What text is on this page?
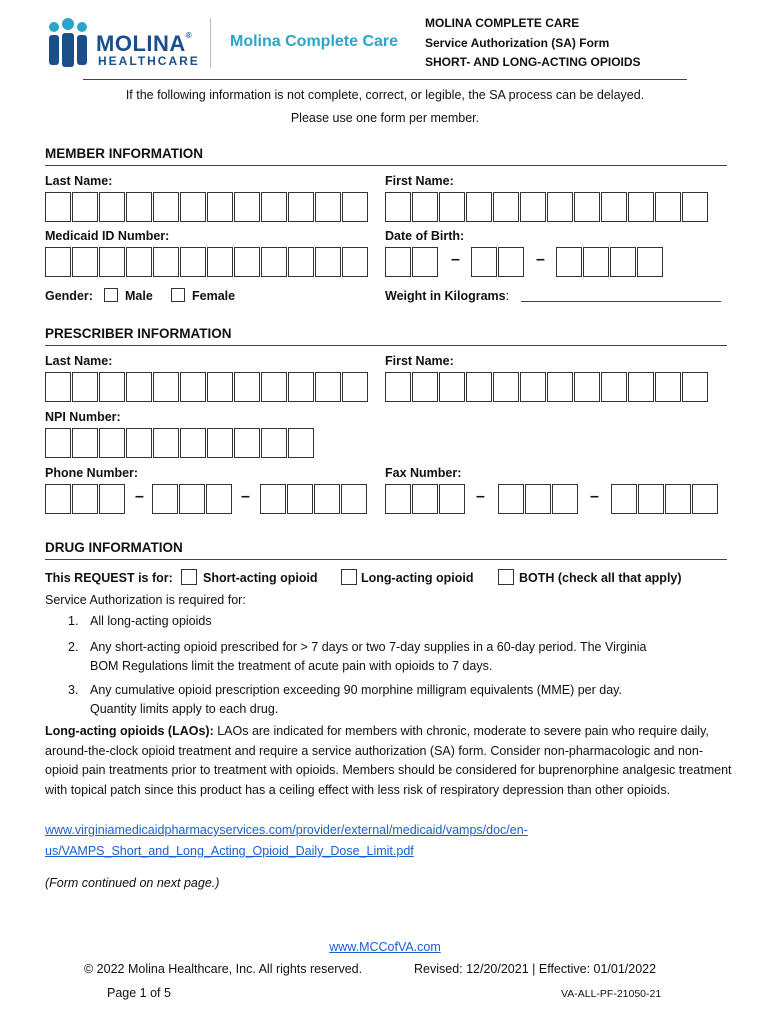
MOLINA®
HEALTHCARE
Molina Complete Care
MOLINA COMPLETE CARE
Service Authorization (SA) Form
SHORT- AND LONG-ACTING OPIOIDS
If the following information is not complete, correct, or legible, the SA process can be delayed.
Please use one form per member.
MEMBER INFORMATION
Last Name:	First Name:
Medicaid ID Number:	Date of Birth:
–	–
Gender:	Male	Female	Weight in Kilograms:
PRESCRIBER INFORMATION
Last Name:	First Name:
NPI Number:
Phone Number:	Fax Number:
–	–	–	–
DRUG INFORMATION
This REQUEST is for: Short-acting opioid	Long-acting opioid	BOTH (check all that apply)
Service Authorization is required for:
1. All long-acting opioids
2. Any short-acting opioid prescribed for > 7 days or two 7-day supplies in a 60-day period. The Virginia
BOM Regulations limit the treatment of acute pain with opioids to 7 days.
3. Any cumulative opioid prescription exceeding 90 morphine milligram equivalents (MME) per day.
Quantity limits apply to each drug.
Long-acting opioids (LAOs): LAOs are indicated for members with chronic, moderate to severe pain who require daily, around-the-clock opioid treatment and require a service authorization (SA) form. Consider non-pharmacologic and non-opioid pain treatments prior to treatment with opioids. Members should be considered for buprenorphine analgesic treatment with topical patch since this product has a ceiling effect with less risk of respiratory depression than other opioids.
www.virginiamedicaidpharmacyservices.com/provider/external/medicaid/vamps/doc/en-
us/VAMPS_Short_and_Long_Acting_Opioid_Daily_Dose_Limit.pdf
(Form continued on next page.)
www.MCCofVA.com
© 2022 Molina Healthcare, Inc. All rights reserved.	Revised: 12/20/2021 | Effective: 01/01/2022
Page 1 of 5	VA-ALL-PF-21050-21
